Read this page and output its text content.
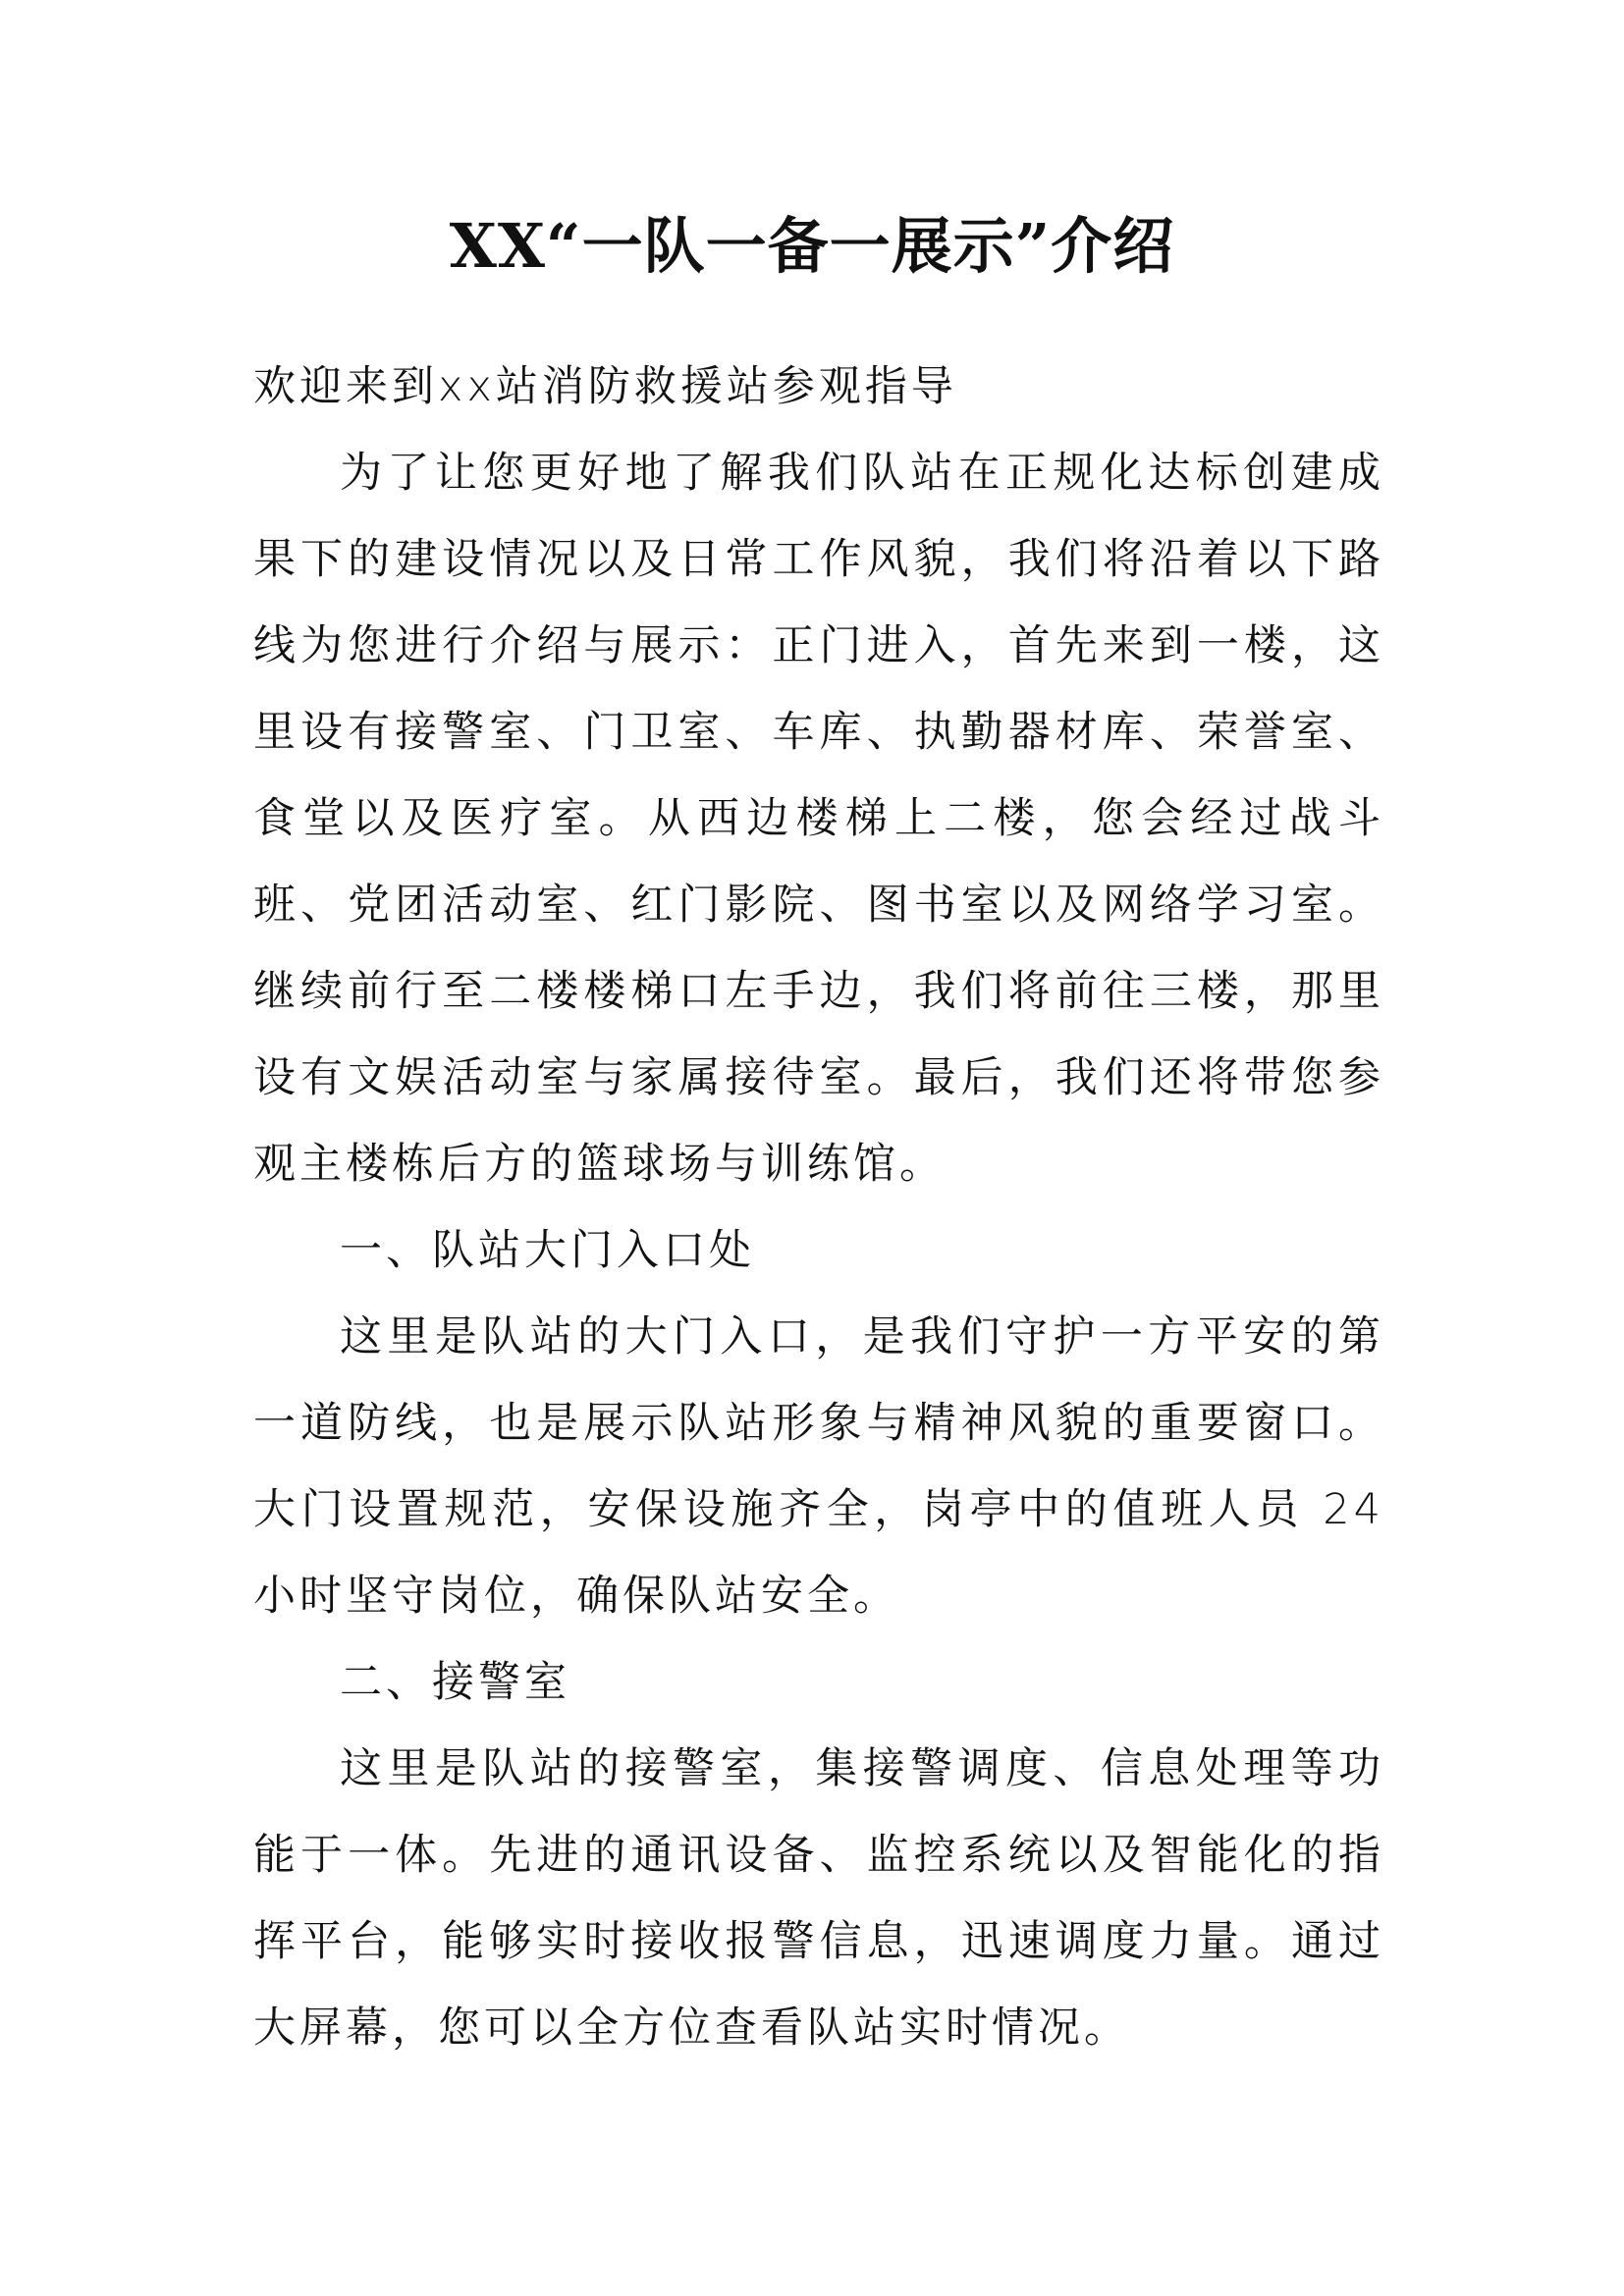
XX“一队一备一展示”介绍

欢迎来到xx站消防救援站参观指导

为了让您更好地了解我们队站在正规化达标创建成果下的建设情况以及日常工作风貌，我们将沿着以下路线为您进行介绍与展示：正门进入，首先来到一楼，这里设有接警室、门卫室、车库、执勤器材库、荣誉室、食堂以及医疗室。从西边楼梯上二楼，您会经过战斗班、党团活动室、红门影院、图书室以及网络学习室。继续前行至二楼楼梯口左手边，我们将前往三楼，那里设有文娱活动室与家属接待室。最后，我们还将带您参观主楼栋后方的篮球场与训练馆。

一、队站大门入口处

这里是队站的大门入口，是我们守护一方平安的第一道防线，也是展示队站形象与精神风貌的重要窗口。大门设置规范，安保设施齐全，岗亭中的值班人员 24 小时坚守岗位，确保队站安全。

二、接警室

这里是队站的接警室，集接警调度、信息处理等功能于一体。先进的通讯设备、监控系统以及智能化的指挥平台，能够实时接收报警信息，迅速调度力量。通过大屏幕，您可以全方位查看队站实时情况。
